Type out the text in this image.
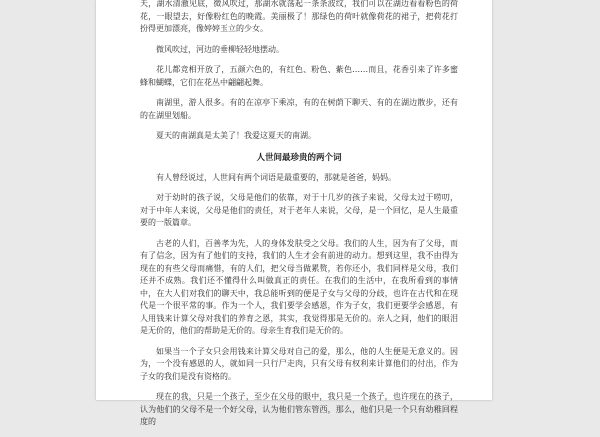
天，湖水清澈见底，微风吹过，那湖水就荡起一条条波纹，我们可以在湖边看看粉色的荷花，一眼望去，好像粉红色的晚霞。美丽极了！那绿色的荷叶就像荷花的裙子，把荷花打扮得更加漂亮，像婷婷玉立的少女。

微风吹过，河边的垂柳轻轻地摆动。

花儿都竞相开放了，五颜六色的，有红色、粉色、紫色……而且，花香引来了许多蜜蜂和蝴蝶，它们在花丛中翩翩起舞。

南湖里，游人很多。有的在凉亭下乘凉，有的在树荫下聊天、有的在湖边散步，还有的在湖里划船。

夏天的南湖真是太美了！我爱这夏天的南湖。

人世间最珍贵的两个词

有人曾经说过，人世间有两个词语是最重要的，那就是爸爸，妈妈。

对于幼时的孩子说，父母是他们的依靠，对于十几岁的孩子来说，父母太过于唠叨，对于中年人来说，父母是他们的责任，对于老年人来说，父母，是一个回忆，是人生最重要的一版篇章。

古老的人们，百善孝为先，人的身体发肤受之父母。我们的人生，因为有了父母，而有了信念，因为有了他们的支持，我们的人生才会有前进的动力。想到这里，我不由得为现在的有些父母而痛惜，有的人们，把父母当做累赘，若你还小，我们同样是父母，我们还并不成熟。我们还不懂得什么叫做真正的责任。在我们的生活中，在我所看到的事情中，在大人们对我们的聊天中，我总能听到的便是子女与父母的分歧，也许在古代和在现代是一个很平常的事。作为一个人，我们要学会感恩，作为子女，我们更要学会感恩，有人用钱来计算父母对我们的养育之恩，其实，我觉得那是无价的。亲人之间，他们的眼泪是无价的，他们的帮助是无价的。母亲生育我们是无价的。

如果当一个子女只会用钱来计算父母对自己的爱，那么，他的人生便是无意义的。因为，一个没有感恩的人，就如同一只行尸走肉，只有父母有权利来计算他们的付出，作为子女的我们是没有资格的。

现在的我，只是一个孩子，至少在父母的眼中，我只是一个孩子，也许现在的孩子，认为他们的父母不是一个好父母，认为他们管东管西，那么，他们只是一个只有幼稚回程度的
